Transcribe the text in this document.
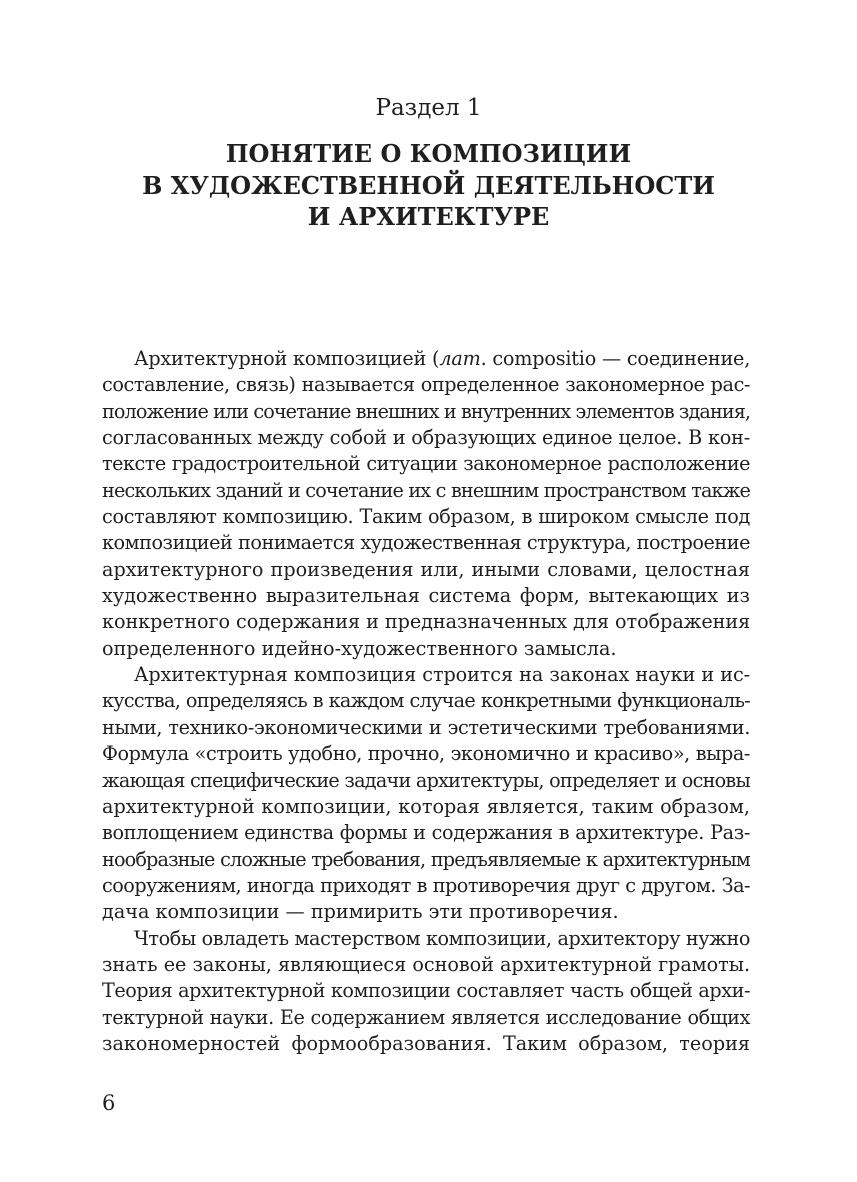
Раздел 1
ПОНЯТИЕ О КОМПОЗИЦИИ
В ХУДОЖЕСТВЕННОЙ ДЕЯТЕЛЬНОСТИ
И АРХИТЕКТУРЕ
Архитектурной композицией (лат. compositio — соединение,
составление, связь) называется определенное закономерное рас-
положение или сочетание внешних и внутренних элементов здания,
согласованных между собой и образующих единое целое. В кон-
тексте градостроительной ситуации закономерное расположение
нескольких зданий и сочетание их с внешним пространством также
составляют композицию. Таким образом, в широком смысле под
композицией понимается художественная структура, построение
архитектурного произведения или, иными словами, целостная
художественно выразительная система форм, вытекающих из
конкретного содержания и предназначенных для отображения
определенного идейно-художественного замысла.
Архитектурная композиция строится на законах науки и ис-
кусства, определяясь в каждом случае конкретными функциональ-
ными, технико-экономическими и эстетическими требованиями.
Формула «строить удобно, прочно, экономично и красиво», выра-
жающая специфические задачи архитектуры, определяет и основы
архитектурной композиции, которая является, таким образом,
воплощением единства формы и содержания в архитектуре. Раз-
нообразные сложные требования, предъявляемые к архитектурным
сооружениям, иногда приходят в противоречия друг с другом. За-
дача композиции — примирить эти противоречия.
Чтобы овладеть мастерством композиции, архитектору нужно
знать ее законы, являющиеся основой архитектурной грамоты.
Теория архитектурной композиции составляет часть общей архи-
тектурной науки. Ее содержанием является исследование общих
закономерностей формообразования. Таким образом, теория
6
